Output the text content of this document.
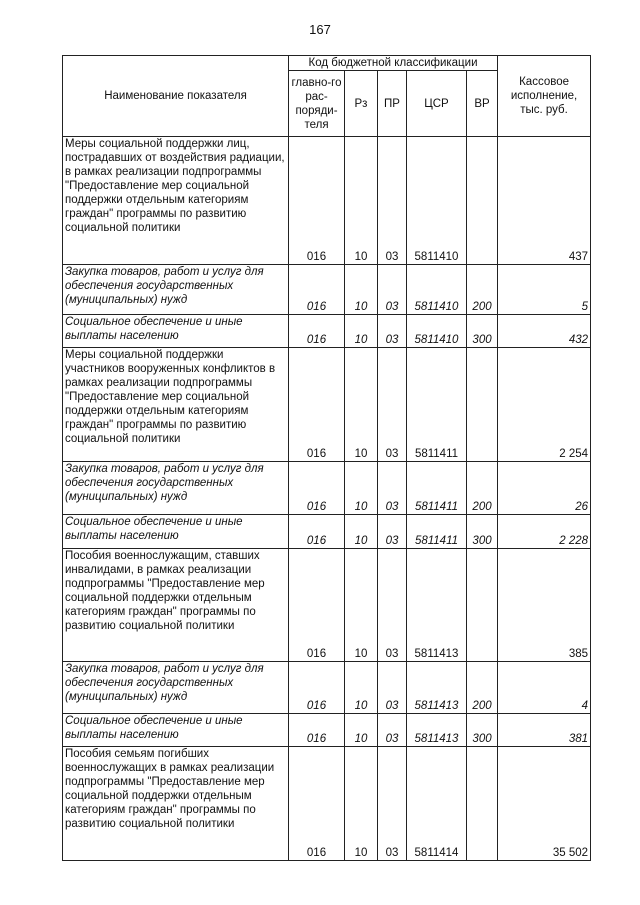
167
Наименование показателя	Код бюджетной классификации					Кассовое исполнение, тыс. руб.
	главно-го рас-поряди-теля	Рз	ПР	ЦСР	ВР	
Меры социальной поддержки лиц, пострадавших от воздействия радиации, в рамках реализации подпрограммы "Предоставление мер социальной поддержки отдельным категориям граждан" программы по развитию социальной политики	016	10	03	5811410		437
Закупка товаров, работ и услуг для обеспечения государственных (муниципальных) нужд	016	10	03	5811410	200	5
Социальное обеспечение и иные выплаты населению	016	10	03	5811410	300	432
Меры социальной поддержки участников вооруженных конфликтов в рамках реализации подпрограммы "Предоставление мер социальной поддержки отдельным категориям граждан" программы по развитию социальной политики	016	10	03	5811411		2 254
Закупка товаров, работ и услуг для обеспечения государственных (муниципальных) нужд	016	10	03	5811411	200	26
Социальное обеспечение и иные выплаты населению	016	10	03	5811411	300	2 228
Пособия военнослужащим, ставших инвалидами, в рамках реализации подпрограммы "Предоставление мер социальной поддержки отдельным категориям граждан" программы по развитию социальной политики	016	10	03	5811413		385
Закупка товаров, работ и услуг для обеспечения государственных (муниципальных) нужд	016	10	03	5811413	200	4
Социальное обеспечение и иные выплаты населению	016	10	03	5811413	300	381
Пособия семьям погибших военнослужащих в рамках реализации подпрограммы "Предоставление мер социальной поддержки отдельным категориям граждан" программы по развитию социальной политики	016	10	03	5811414		35 502
